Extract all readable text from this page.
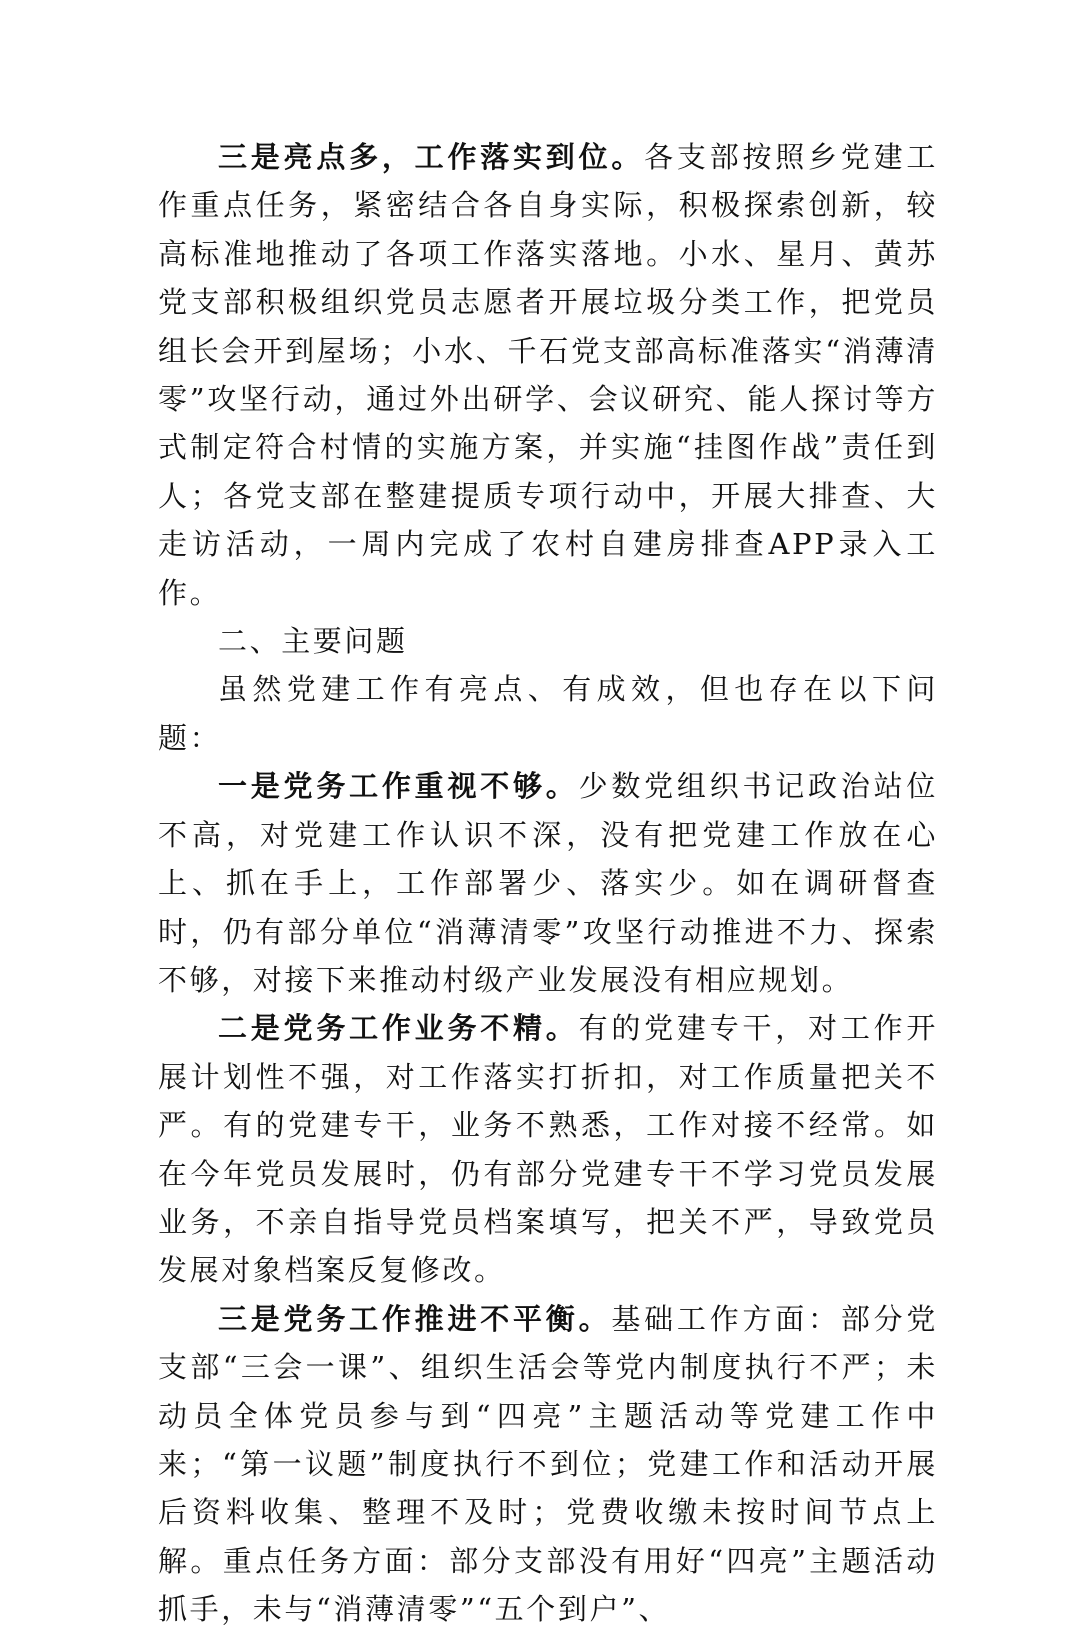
三是亮点多，工作落实到位。各支部按照乡党建工作重点任务，紧密结合各自身实际，积极探索创新，较高标准地推动了各项工作落实落地。小水、星月、黄苏党支部积极组织党员志愿者开展垃圾分类工作，把党员组长会开到屋场；小水、千石党支部高标准落实“消薄清零”攻坚行动，通过外出研学、会议研究、能人探讨等方式制定符合村情的实施方案，并实施“挂图作战”责任到人；各党支部在整建提质专项行动中，开展大排查、大走访活动，一周内完成了农村自建房排查APP录入工作。

二、主要问题

虽然党建工作有亮点、有成效，但也存在以下问题：

一是党务工作重视不够。少数党组织书记政治站位不高，对党建工作认识不深，没有把党建工作放在心上、抓在手上，工作部署少、落实少。如在调研督查时，仍有部分单位“消薄清零”攻坚行动推进不力、探索不够，对接下来推动村级产业发展没有相应规划。

二是党务工作业务不精。有的党建专干，对工作开展计划性不强，对工作落实打折扣，对工作质量把关不严。有的党建专干，业务不熟悉，工作对接不经常。如在今年党员发展时，仍有部分党建专干不学习党员发展业务，不亲自指导党员档案填写，把关不严，导致党员发展对象档案反复修改。

三是党务工作推进不平衡。基础工作方面：部分党支部“三会一课”、组织生活会等党内制度执行不严；未动员全体党员参与到“四亮”主题活动等党建工作中来；“第一议题”制度执行不到位；党建工作和活动开展后资料收集、整理不及时；党费收缴未按时间节点上解。重点任务方面：部分支部没有用好“四亮”主题活动抓手，未与“消薄清零”“五个到户”、
